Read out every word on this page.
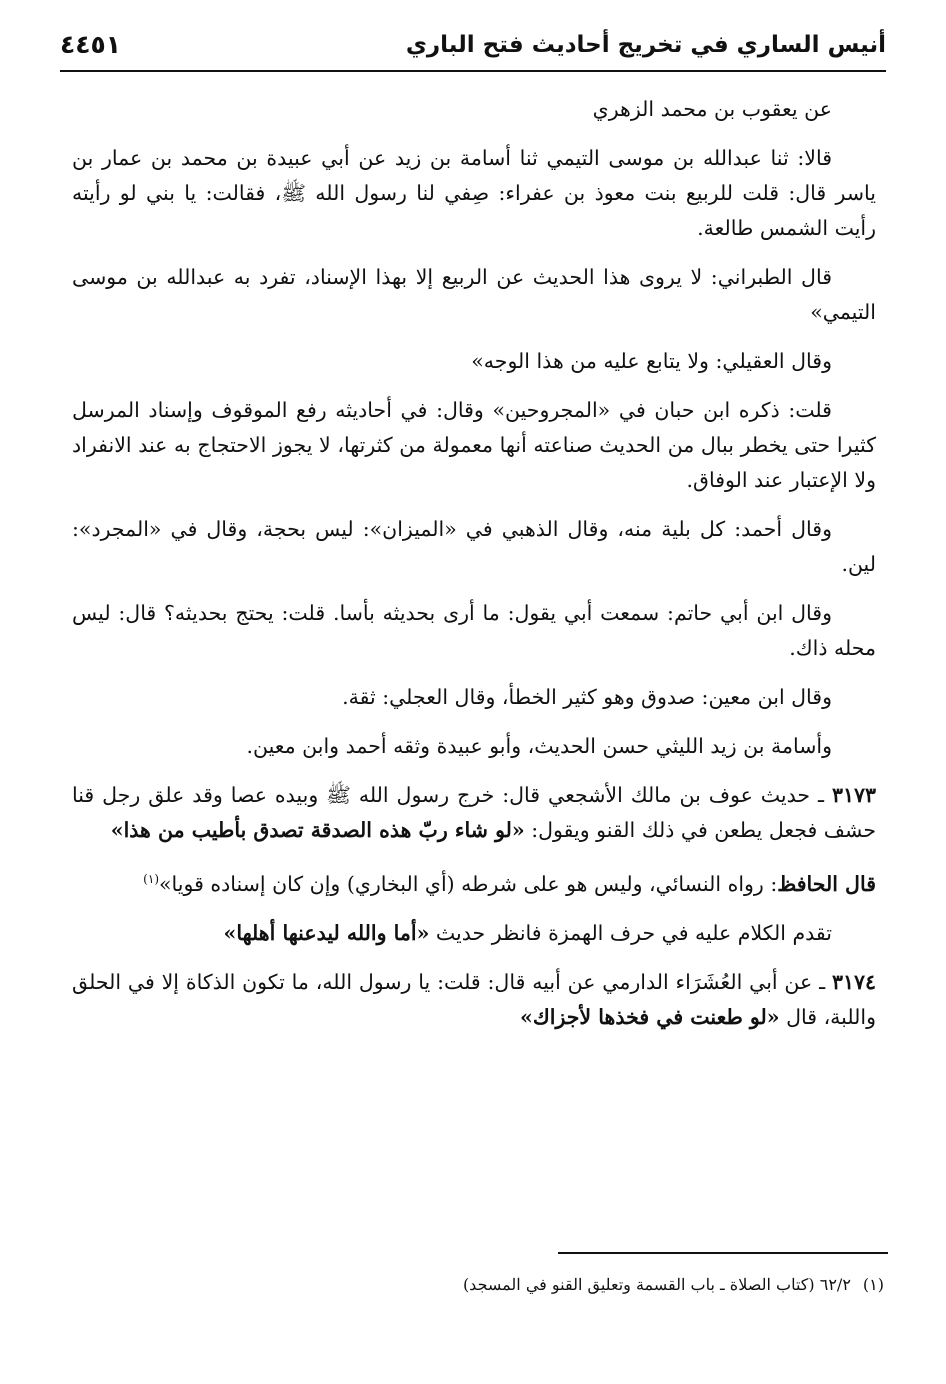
أنيس الساري في تخريج أحاديث فتح الباري
٤٤٥١

عن يعقوب بن محمد الزهري

قالا: ثنا عبدالله بن موسى التيمي ثنا أسامة بن زيد عن أبي عبيدة بن محمد بن عمار بن ياسر قال: قلت للربيع بنت معوذ بن عفراء: صِفي لنا رسول الله ﷺ، فقالت: يا بني لو رأيته رأيت الشمس طالعة.

قال الطبراني: لا يروى هذا الحديث عن الربيع إلا بهذا الإسناد، تفرد به عبدالله بن موسى التيمي»

وقال العقيلي: ولا يتابع عليه من هذا الوجه»

قلت: ذكره ابن حبان في «المجروحين» وقال: في أحاديثه رفع الموقوف وإسناد المرسل كثيرا حتى يخطر ببال من الحديث صناعته أنها معمولة من كثرتها، لا يجوز الاحتجاج به عند الانفراد ولا الإعتبار عند الوفاق.

وقال أحمد: كل بلية منه، وقال الذهبي في «الميزان»: ليس بحجة، وقال في «المجرد»: لين.

وقال ابن أبي حاتم: سمعت أبي يقول: ما أرى بحديثه بأسا. قلت: يحتج بحديثه؟ قال: ليس محله ذاك.

وقال ابن معين: صدوق وهو كثير الخطأ، وقال العجلي: ثقة.

وأسامة بن زيد الليثي حسن الحديث، وأبو عبيدة وثقه أحمد وابن معين.

٣١٧٣ ـ حديث عوف بن مالك الأشجعي قال: خرج رسول الله ﷺ وبيده عصا وقد علق رجل قنا حشف فجعل يطعن في ذلك القنو ويقول: «لو شاء ربّ هذه الصدقة تصدق بأطيب من هذا»

قال الحافظ: رواه النسائي، وليس هو على شرطه (أي البخاري) وإن كان إسناده قويا»$^{(١)}$

تقدم الكلام عليه في حرف الهمزة فانظر حديث «أما والله ليدعنها أهلها»

٣١٧٤ ـ عن أبي العُشَرَاء الدارمي عن أبيه قال: قلت: يا رسول الله، ما تكون الذكاة إلا في الحلق واللبة، قال «لو طعنت في فخذها لأجزاك»

(١)٦٢/٢ (كتاب الصلاة ـ باب القسمة وتعليق القنو في المسجد)
